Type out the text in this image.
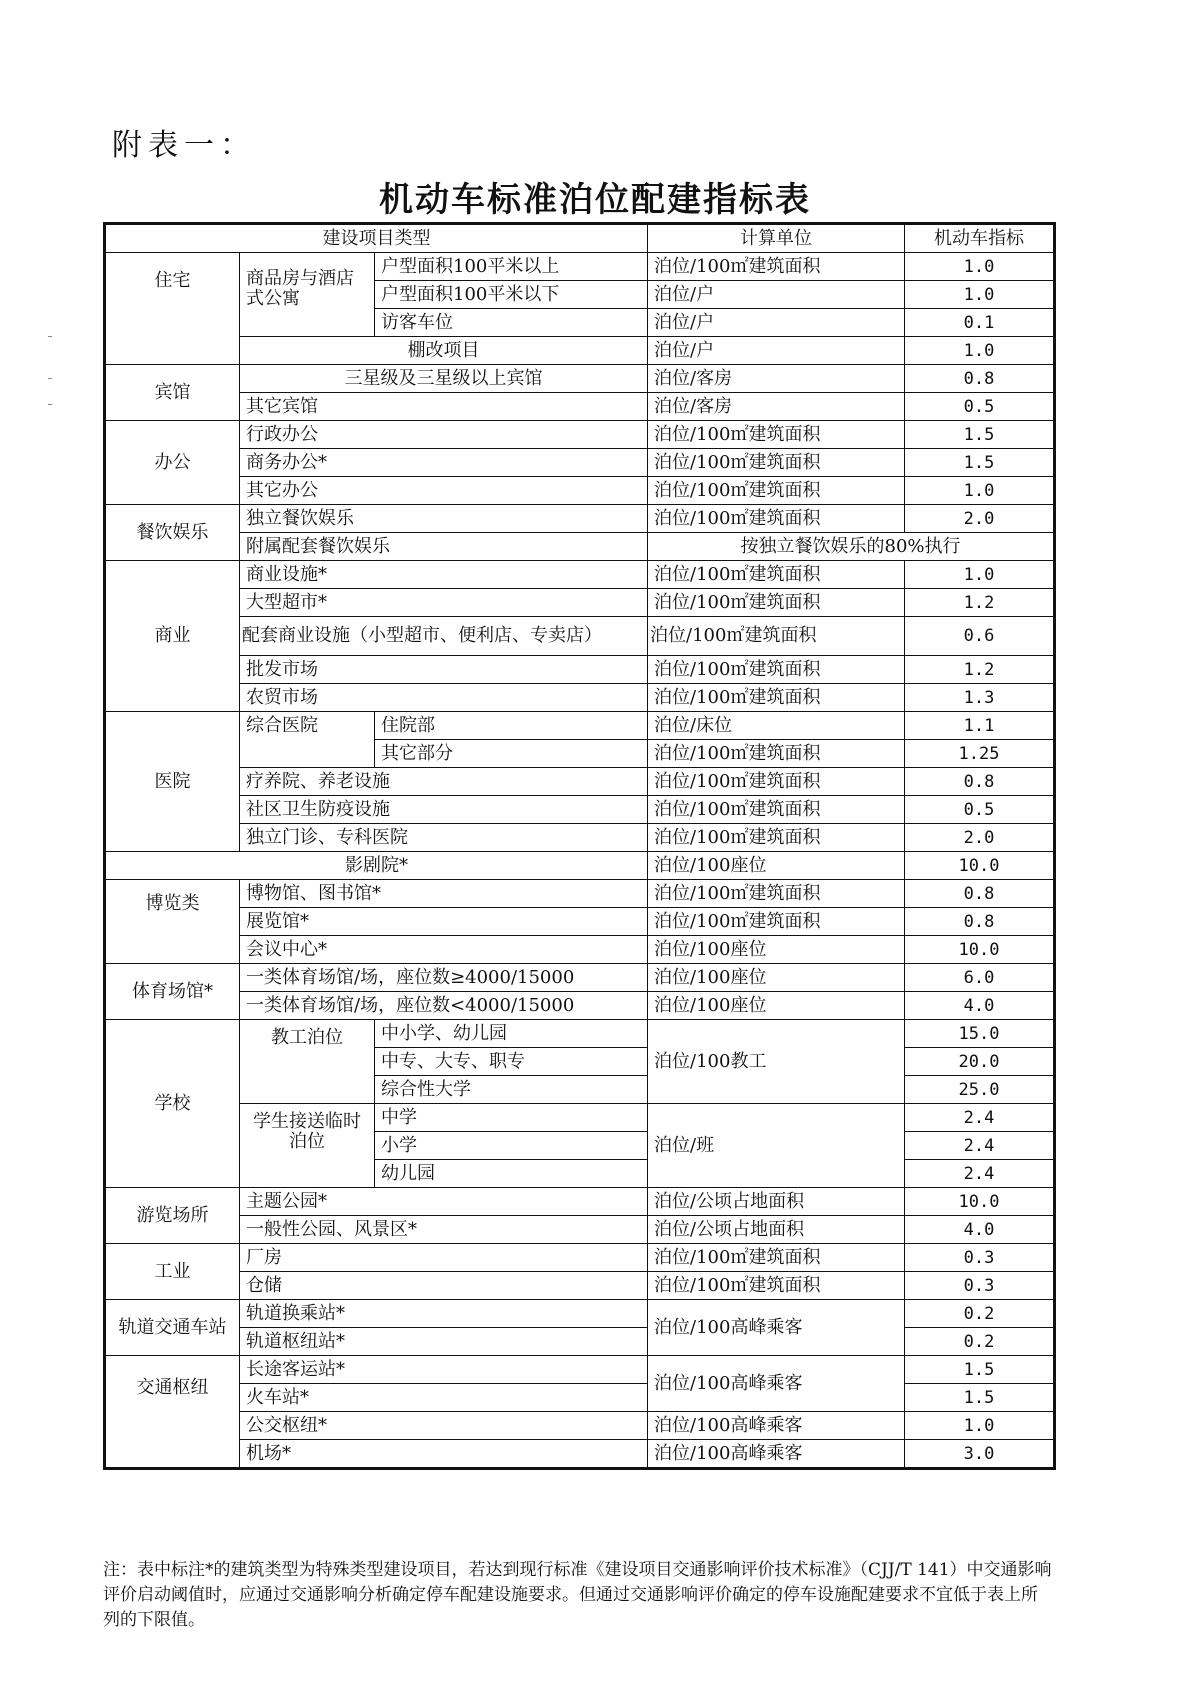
附表一：
机动车标准泊位配建指标表
建设项目类型			计算单位	机动车指标
住宅	商品房与酒店式公寓	户型面积100平米以上	泊位/100㎡建筑面积	1.0
		户型面积100平米以下	泊位/户	1.0
		访客车位	泊位/户	0.1
	棚改项目		泊位/户	1.0
宾馆	三星级及三星级以上宾馆		泊位/客房	0.8
	其它宾馆		泊位/客房	0.5
办公	行政办公		泊位/100㎡建筑面积	1.5
	商务办公*		泊位/100㎡建筑面积	1.5
	其它办公		泊位/100㎡建筑面积	1.0
餐饮娱乐	独立餐饮娱乐		泊位/100㎡建筑面积	2.0
	附属配套餐饮娱乐		按独立餐饮娱乐的80%执行	
商业	商业设施*		泊位/100㎡建筑面积	1.0
	大型超市*		泊位/100㎡建筑面积	1.2
	配套商业设施（小型超市、便利店、专卖店）		泊位/100㎡建筑面积	0.6
	批发市场		泊位/100㎡建筑面积	1.2
	农贸市场		泊位/100㎡建筑面积	1.3
医院	综合医院	住院部	泊位/床位	1.1
		其它部分	泊位/100㎡建筑面积	1.25
	疗养院、养老设施		泊位/100㎡建筑面积	0.8
	社区卫生防疫设施		泊位/100㎡建筑面积	0.5
	独立门诊、专科医院		泊位/100㎡建筑面积	2.0
影剧院*			泊位/100座位	10.0
博览类	博物馆、图书馆*		泊位/100㎡建筑面积	0.8
	展览馆*		泊位/100㎡建筑面积	0.8
	会议中心*		泊位/100座位	10.0
体育场馆*	一类体育场馆/场，座位数≥4000/15000		泊位/100座位	6.0
	一类体育场馆/场，座位数<4000/15000		泊位/100座位	4.0
学校	教工泊位	中小学、幼儿园	泊位/100教工	15.0
		中专、大专、职专		20.0
		综合性大学		25.0
	学生接送临时泊位	中学	泊位/班	2.4
		小学		2.4
		幼儿园		2.4
游览场所	主题公园*		泊位/公顷占地面积	10.0
	一般性公园、风景区*		泊位/公顷占地面积	4.0
工业	厂房		泊位/100㎡建筑面积	0.3
	仓储		泊位/100㎡建筑面积	0.3
轨道交通车站	轨道换乘站*		泊位/100高峰乘客	0.2
	轨道枢纽站*			0.2
交通枢纽	长途客运站*		泊位/100高峰乘客	1.5
	火车站*			1.5
	公交枢纽*		泊位/100高峰乘客	1.0
	机场*		泊位/100高峰乘客	3.0
注：表中标注*的建筑类型为特殊类型建设项目，若达到现行标准《建设项目交通影响评价技术标准》（CJJ/T 141）中交通影响评价启动阈值时，应通过交通影响分析确定停车配建设施要求。但通过交通影响评价确定的停车设施配建要求不宜低于表上所列的下限值。
